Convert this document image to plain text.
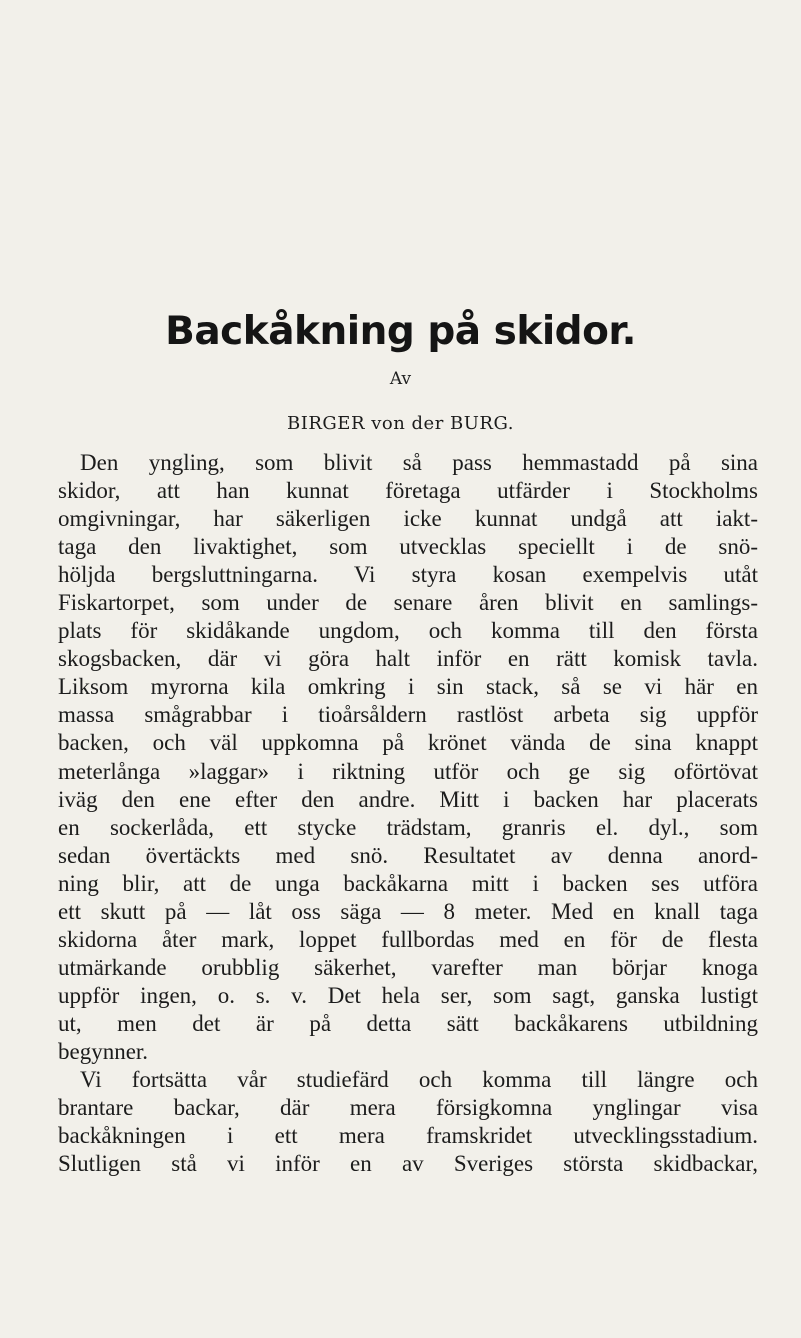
Backåkning på skidor.
Av
BIRGER von der BURG.
Den yngling, som blivit så pass hemmastadd på sina
skidor, att han kunnat företaga utfärder i Stockholms
omgivningar, har säkerligen icke kunnat undgå att iakt-
taga den livaktighet, som utvecklas speciellt i de snö-
höljda bergsluttningarna. Vi styra kosan exempelvis utåt
Fiskartorpet, som under de senare åren blivit en samlings-
plats för skidåkande ungdom, och komma till den första
skogsbacken, där vi göra halt inför en rätt komisk tavla.
Liksom myrorna kila omkring i sin stack, så se vi här en
massa smågrabbar i tioårsåldern rastlöst arbeta sig uppför
backen, och väl uppkomna på krönet vända de sina knappt
meterlånga »laggar» i riktning utför och ge sig oförtövat
iväg den ene efter den andre. Mitt i backen har placerats
en sockerlåda, ett stycke trädstam, granris el. dyl., som
sedan övertäckts med snö. Resultatet av denna anord-
ning blir, att de unga backåkarna mitt i backen ses utföra
ett skutt på — låt oss säga — 8 meter. Med en knall taga
skidorna åter mark, loppet fullbordas med en för de flesta
utmärkande orubblig säkerhet, varefter man börjar knoga
uppför ingen, o. s. v. Det hela ser, som sagt, ganska lustigt
ut, men det är på detta sätt backåkarens utbildning
begynner.
Vi fortsätta vår studiefärd och komma till längre och
brantare backar, där mera försigkomna ynglingar visa
backåkningen i ett mera framskridet utvecklingsstadium.
Slutligen stå vi inför en av Sveriges största skidbackar,
